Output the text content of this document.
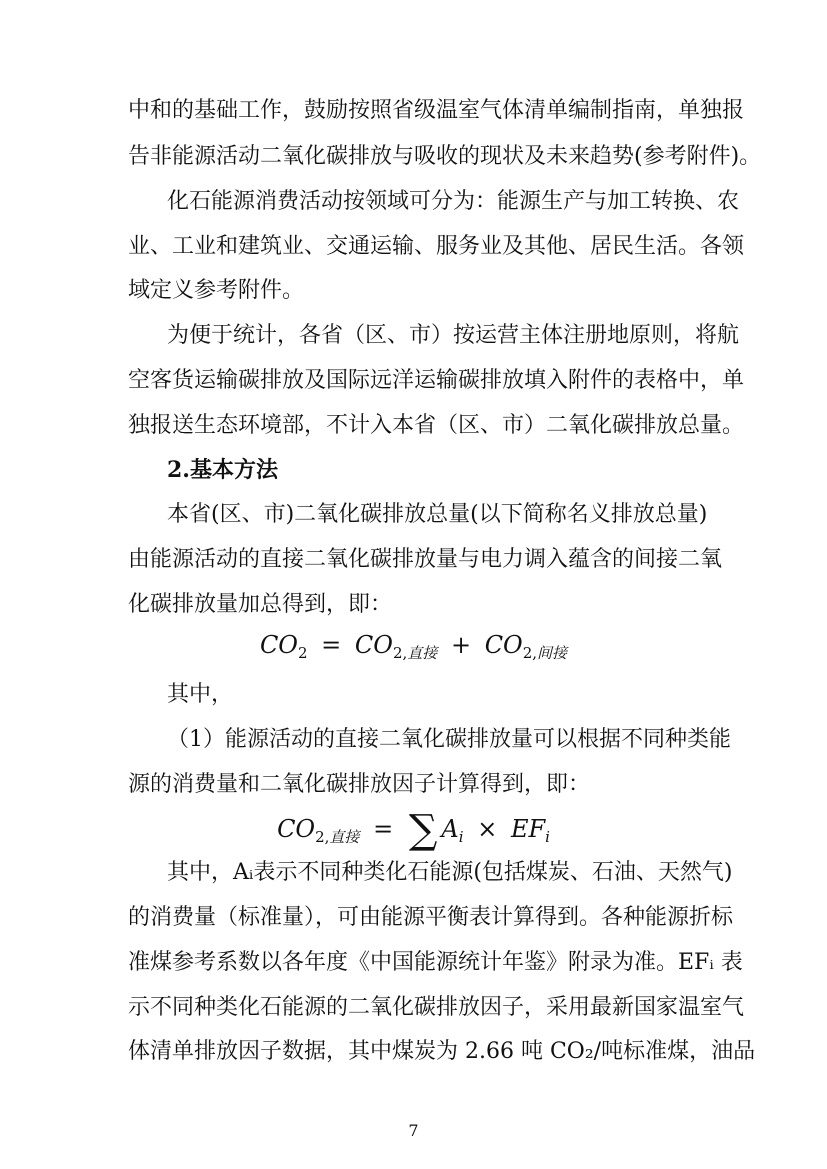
中和的基础工作，鼓励按照省级温室气体清单编制指南，单独报
告非能源活动二氧化碳排放与吸收的现状及未来趋势(参考附件)。
化石能源消费活动按领域可分为：能源生产与加工转换、农
业、工业和建筑业、交通运输、服务业及其他、居民生活。各领
域定义参考附件。
为便于统计，各省（区、市）按运营主体注册地原则，将航
空客货运输碳排放及国际远洋运输碳排放填入附件的表格中，单
独报送生态环境部，不计入本省（区、市）二氧化碳排放总量。
2.基本方法
本省(区、市)二氧化碳排放总量(以下简称名义排放总量)
由能源活动的直接二氧化碳排放量与电力调入蕴含的间接二氧
化碳排放量加总得到，即：
$CO_2 = CO_{2,直接} + CO_{2,间接}$
其中，
（1）能源活动的直接二氧化碳排放量可以根据不同种类能
源的消费量和二氧化碳排放因子计算得到，即：
$CO_{2,直接}$ = ∑ $A_i \times EF_i$
其中，Aᵢ表示不同种类化石能源(包括煤炭、石油、天然气)
的消费量（标准量），可由能源平衡表计算得到。各种能源折标
准煤参考系数以各年度《中国能源统计年鉴》附录为准。EFᵢ 表
示不同种类化石能源的二氧化碳排放因子，采用最新国家温室气
体清单排放因子数据，其中煤炭为 2.66 吨 CO₂/吨标准煤，油品
7
